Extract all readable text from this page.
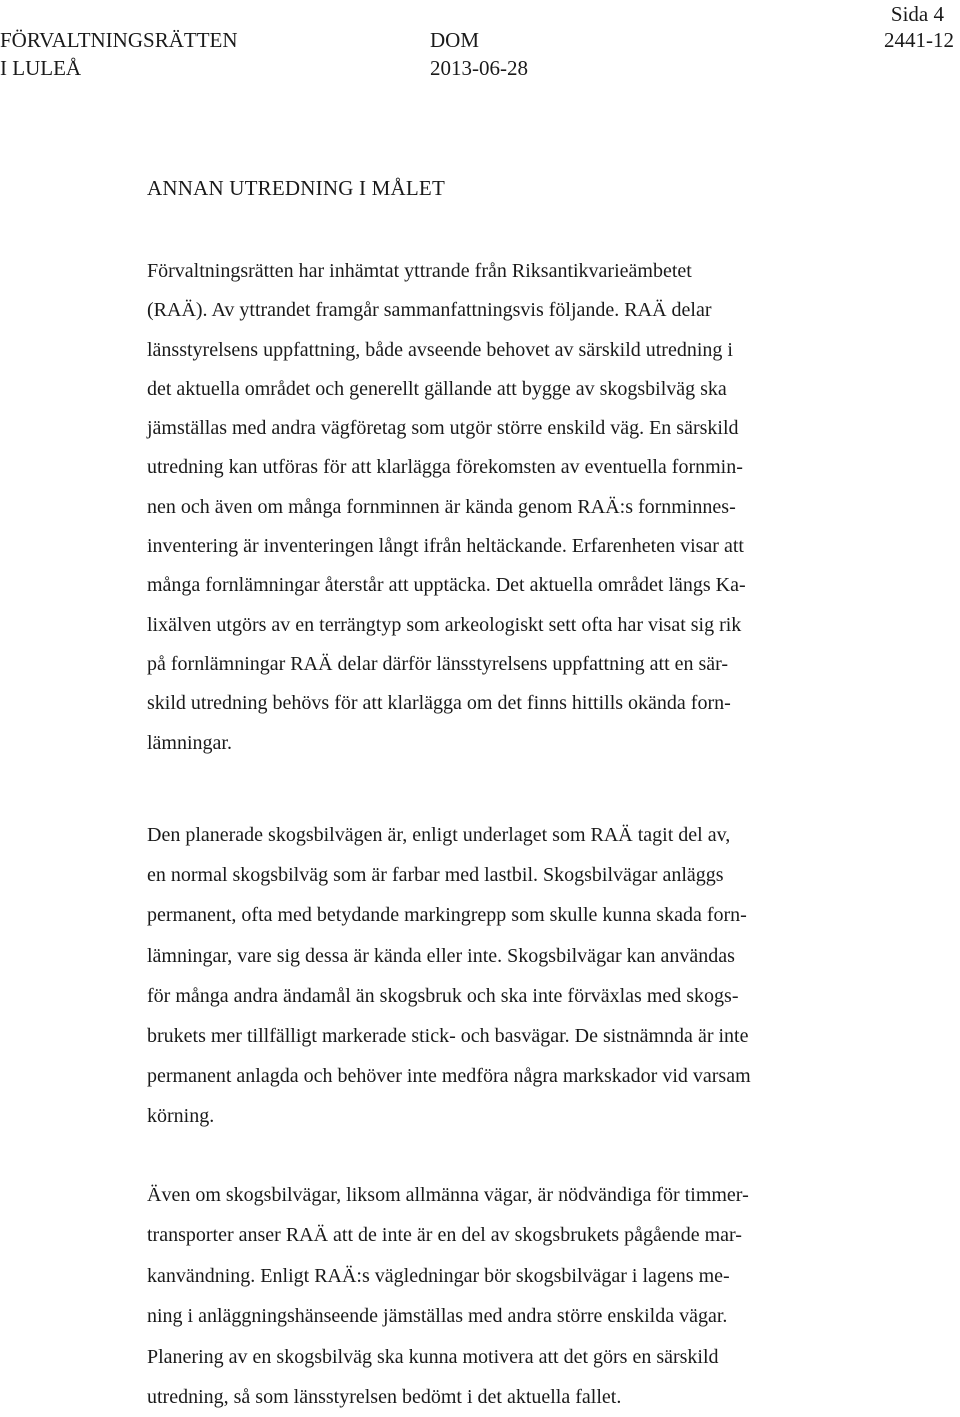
FÖRVALTNINGSRÄTTEN
I LULEÅ
DOM
2013-06-28
Sida 4
2441-12
ANNAN UTREDNING I MÅLET

Förvaltningsrätten har inhämtat yttrande från Riksantikvarieämbetet
(RAÄ). Av yttrandet framgår sammanfattningsvis följande. RAÄ delar
länsstyrelsens uppfattning, både avseende behovet av särskild utredning i
det aktuella området och generellt gällande att bygge av skogsbilväg ska
jämställas med andra vägföretag som utgör större enskild väg. En särskild
utredning kan utföras för att klarlägga förekomsten av eventuella fornmin-
nen och även om många fornminnen är kända genom RAÄ:s fornminnes-
inventering är inventeringen långt ifrån heltäckande. Erfarenheten visar att
många fornlämningar återstår att upptäcka. Det aktuella området längs Ka-
lixälven utgörs av en terrängtyp som arkeologiskt sett ofta har visat sig rik
på fornlämningar RAÄ delar därför länsstyrelsens uppfattning att en sär-
skild utredning behövs för att klarlägga om det finns hittills okända forn-
lämningar.

Den planerade skogsbilvägen är, enligt underlaget som RAÄ tagit del av,
en normal skogsbilväg som är farbar med lastbil. Skogsbilvägar anläggs
permanent, ofta med betydande markingrepp som skulle kunna skada forn-
lämningar, vare sig dessa är kända eller inte. Skogsbilvägar kan användas
för många andra ändamål än skogsbruk och ska inte förväxlas med skogs-
brukets mer tillfälligt markerade stick- och basvägar. De sistnämnda är inte
permanent anlagda och behöver inte medföra några markskador vid varsam
körning.

Även om skogsbilvägar, liksom allmänna vägar, är nödvändiga för timmer-
transporter anser RAÄ att de inte är en del av skogsbrukets pågående mar-
kanvändning. Enligt RAÄ:s vägledningar bör skogsbilvägar i lagens me-
ning i anläggningshänseende jämställas med andra större enskilda vägar.
Planering av en skogsbilväg ska kunna motivera att det görs en särskild
utredning, så som länsstyrelsen bedömt i det aktuella fallet.
